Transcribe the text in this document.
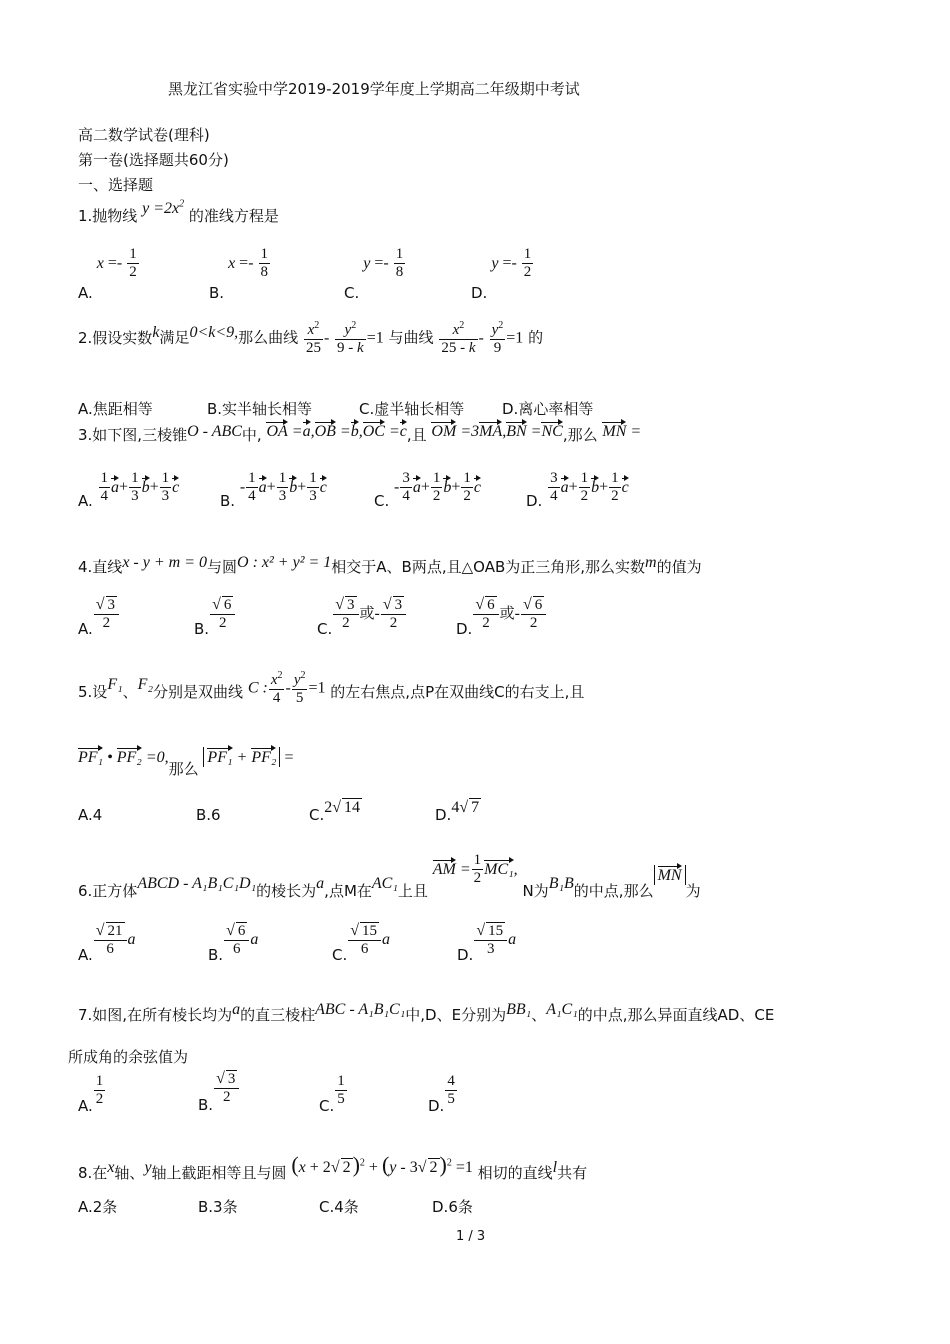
黑龙江省实验中学2019-2019学年度上学期高二年级期中考试
高二数学试卷(理科)
第一卷(选择题共60分)
一、选择题
1.抛物线 $y =2x^2$ 的准线方程是
$A.x =- \frac{1}{2}$
$B.x =- \frac{1}{8}$
$C.y =- \frac{1}{8}$
$D.y =- \frac{1}{2}$
2.假设实数k满足0<k<9,那么曲线 $\frac{x^2}{25} - \frac{y^2}{9 - k} =1$ 与曲线 $\frac{x^2}{25 - k} - \frac{y^2}{9} =1$ 的
A.焦距相等	B.实半轴长相等	C.虚半轴长相等	D.离心率相等
3.如下图,三棱锥O - ABC中, OA =a,OB =b,OC =c,且 OM =3MA,BN =NC,那么 MN =
A. $\frac{1}{4} a+ \frac{1}{3} b+ \frac{1}{3}$ c
B. - $\frac{1}{4} a+ \frac{1}{3} b+ \frac{1}{3}$ c
C. - $\frac{3}{4} a+ \frac{1}{2} b+ \frac{1}{2}$ c
D. $\frac{3}{4} a+ \frac{1}{2} b+ \frac{1}{2}$ c
4.直线x - y + m = 0与圆O : x² + y² = 1相交于A、B两点,且△OAB为正三角形,那么实数m的值为
A. $\frac{√ 3}{2}$	B. $\frac{√ 6}{2}$	C. $\frac{√ 3}{2}$ 或- $\frac{√ 3}{2}$	D. $\frac{√ 6}{2}$ 或- $\frac{√ 6}{2}$
5.设F₁、F₂分别是双曲线 C : $\frac{x^2}{4} - \frac{y^2}{5} =1$ 的左右焦点,点P在双曲线C的右支上,且
PF₁ • PF₂ =0,那么 PF₁ + PF₂ =
A.4	B.6	C.2√ 14	D.4√ 7
6.正方体ABCD - A₁B₁C₁D₁的棱长为a,点M在AC₁上且 AM = $\frac{1}{2} MC_1$, N为B₁B的中点,那么MN为
A. $\frac{√ 21}{6}$ a
B. $\frac{√ 6}{6}$ a
C. $\frac{√ 15}{6}$ a
D. $\frac{√ 15}{3}$ a
7.如图,在所有棱长均为a的直三棱柱ABC - A₁B₁C₁中,D、E分别为BB₁、A₁C₁的中点,那么异面直线AD、CE
所成角的余弦值为
A. $\frac{1}{2}$	B. $\frac{√ 3}{2}$
C. $\frac{1}{5}$	D. $\frac{4}{5}$
8.在x轴、y轴上截距相等且与圆 (x + 2√ 2)$^2$ + (y - 3√ 2)$^2$ =1 相切的直线l共有
A.2条	B.3条	C.4条	D.6条
1 / 3
